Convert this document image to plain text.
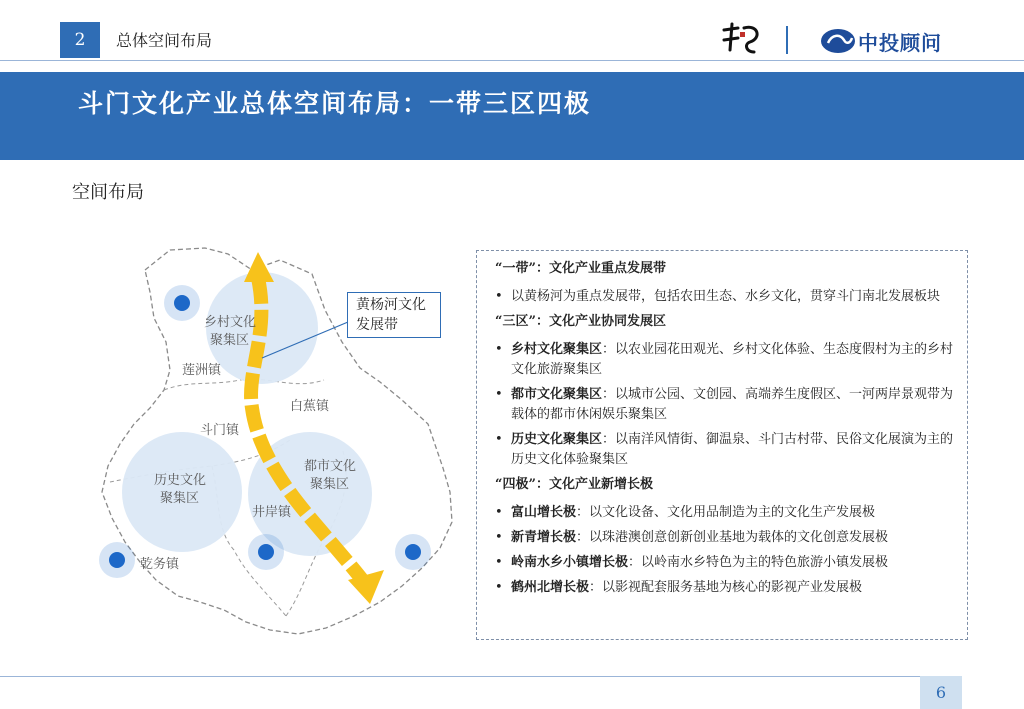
2	总体空间布局	中投顾问
斗门文化产业总体空间布局：一带三区四极
空间布局
乡村文化
聚集区
历史文化
聚集区
都市文化
聚集区
莲洲镇
白蕉镇
斗门镇
井岸镇
乾务镇
黄杨河文化发展带
“一带”：文化产业重点发展带
• 以黄杨河为重点发展带，包括农田生态、水乡文化，贯穿斗门南北发展板块
“三区”：文化产业协同发展区
• 乡村文化聚集区：以农业园花田观光、乡村文化体验、生态度假村为主的乡村文化旅游聚集区
• 都市文化聚集区：以城市公园、文创园、高端养生度假区、一河两岸景观带为载体的都市休闲娱乐聚集区
• 历史文化聚集区：以南洋风情街、御温泉、斗门古村带、民俗文化展演为主的历史文化体验聚集区
“四极”：文化产业新增长极
• 富山增长极：以文化设备、文化用品制造为主的文化生产发展极
• 新青增长极：以珠港澳创意创新创业基地为载体的文化创意发展极
• 岭南水乡小镇增长极：以岭南水乡特色为主的特色旅游小镇发展极
• 鹤州北增长极：以影视配套服务基地为核心的影视产业发展极
6
